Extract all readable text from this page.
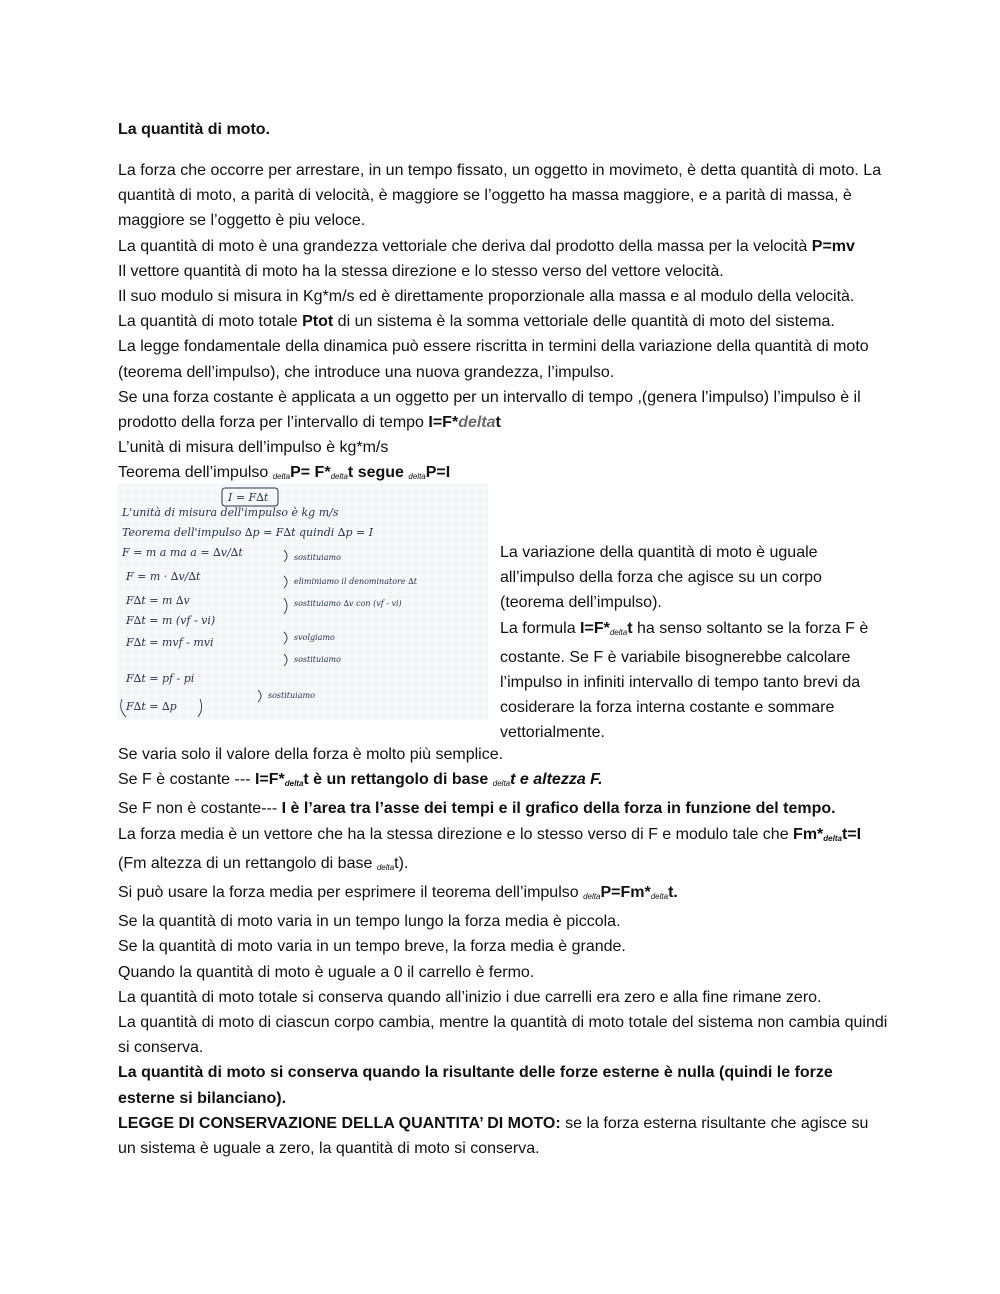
La quantità di moto.

La forza che occorre per arrestare, in un tempo fissato, un oggetto in movimeto, è detta quantità di moto. La quantità di moto, a parità di velocità, è maggiore se l’oggetto ha massa maggiore, e a parità di massa, è maggiore se l’oggetto è piu veloce.

La quantità di moto è una grandezza vettoriale che deriva dal prodotto della massa per la velocità P=mv

Il vettore quantità di moto ha la stessa direzione e lo stesso verso del vettore velocità.

Il suo modulo si misura in Kg*m/s ed è direttamente proporzionale alla massa e al modulo della velocità.

La quantità di moto totale Ptot di un sistema è la somma vettoriale delle quantità di moto del sistema.

La legge fondamentale della dinamica può essere riscritta in termini della variazione della quantità di moto (teorema dell’impulso), che introduce una nuova grandezza, l’impulso.

Se una forza costante è applicata a un oggetto per un intervallo di tempo ,(genera l’impulso) l’impulso è il prodotto della forza per l’intervallo di tempo I=F*deltat

L’unità di misura dell’impulso è kg*m/s

Teorema dell’impulso $_{delta}P= F*_{delta}t$ segue $_{delta}$P=I

I = F∆t
L'unità di misura dell'impulso è kg m/s
Teorema dell'impulso ∆p = F∆t quindi ∆p = I
F = m a ma a = ∆v/∆t
F = m · ∆v/∆t
F∆t = m ∆v
F∆t = m (vf - vi)
F∆t = mvf - mvi
F∆t = pf - pi
F∆t = ∆p
sostituiamo
eliminiamo il denominatore ∆t
sostituiamo ∆v con (vf - vi)
svolgiamo
sostituiamo
sostituiamo

La variazione della quantità di moto è uguale all’impulso della forza che agisce su un corpo (teorema dell’impulso).

La formula $I=F*_{delta}t$ ha senso soltanto se la forza F è costante. Se F è variabile bisognerebbe calcolare l’impulso in infiniti intervallo di tempo tanto brevi da cosiderare la forza interna costante e sommare vettorialmente.

Se varia solo il valore della forza è molto più semplice.

Se F è costante --- $I=F*_{delta}t$ è un rettangolo di base $_{delta}$t e altezza F.

Se F non è costante--- I è l’area tra l’asse dei tempi e il grafico della forza in funzione del tempo.

La forza media è un vettore che ha la stessa direzione e lo stesso verso di F e modulo tale che $Fm*_{delta}t=I$

(Fm altezza di un rettangolo di base $_{delta}$t).

Si può usare la forza media per esprimere il teorema dell’impulso $_{delta}P=Fm*_{delta}t$.

Se la quantità di moto varia in un tempo lungo la forza media è piccola.

Se la quantità di moto varia in un tempo breve, la forza media è grande.

Quando la quantità di moto è uguale a 0 il carrello è fermo.

La quantità di moto totale si conserva quando all’inizio i due carrelli era zero e alla fine rimane zero.

La quantità di moto di ciascun corpo cambia, mentre la quantità di moto totale del sistema non cambia quindi si conserva.

La quantità di moto si conserva quando la risultante delle forze esterne è nulla (quindi le forze esterne si bilanciano).

LEGGE DI CONSERVAZIONE DELLA QUANTITA’ DI MOTO: se la forza esterna risultante che agisce su un sistema è uguale a zero, la quantità di moto si conserva.
